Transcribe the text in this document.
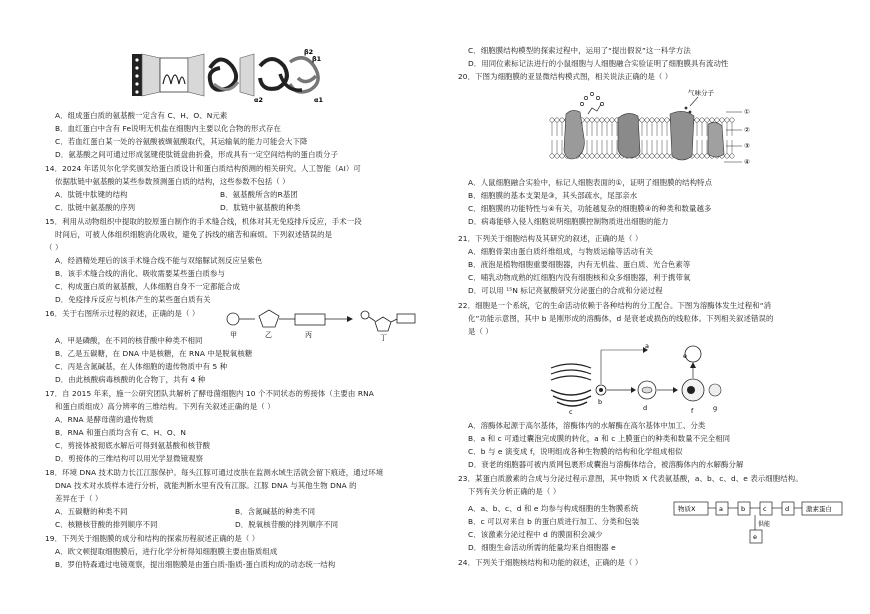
β2
β1
α2	α1
A．组成蛋白质的氨基酸一定含有 C、H、O、N元素
B．血红蛋白中含有 Fe说明无机盐在细胞内主要以化合物的形式存在
C．若血红蛋白某一处的谷氨酸被缬氨酸取代，其运输氧的能力可能会大下降
D．氨基酸之间可通过形成氢键使肽链盘曲折叠，形成具有一定空间结构的蛋白质分子
14．2024 年诺贝尔化学奖颁发给蛋白质设计和蛋白质结构预测的相关研究。人工智能（AI）可
依据肽链中氨基酸的某些参数预测蛋白质的结构，这些参数不包括（ ）
A．肽链中肽键的结构	B．氨基酸所含的R基团
C．肽链中氨基酸的序列	D．肽链中氨基酸的种类
15．利用从动物组织中提取的胶原蛋白制作的手术缝合线，机体对其无免疫排斥反应，手术一段
时间后，可被人体组织细胞消化吸收，避免了拆线的痛苦和麻烦。下列叙述错误的是
（ ）
A．经酒精处理后的该手术缝合线不能与双缩脲试剂反应呈紫色
B．该手术缝合线的消化、吸收需要某些蛋白质参与
C．构成蛋白质的氨基酸，人体细胞自身不一定都能合成
D．免疫排斥反应与机体产生的某些蛋白质有关
16．关于右图所示过程的叙述，正确的是（ ）
甲	乙	丙	丁
A．甲是磷酸，在不同的核苷酸中种类不相同
B．乙是五碳糖，在 DNA 中是核糖，在 RNA 中是脱氧核糖
C．丙是含氮碱基，在人体细胞的遗传物质中有 5 种
D．由此核酸病毒核酸的化合物丁，共有 4 种
17．自 2015 年来，施一公研究团队共解析了酵母菌细胞内 10 个不同状态的剪接体（主要由 RNA
和蛋白质组成）高分辨率的三维结构。下列有关叙述正确的是（ ）
A．RNA 是酵母菌的遗传物质
B．RNA 和蛋白质均含有 C、H、O、N
C．剪接体被彻底水解后可得到氨基酸和核苷酸
D．剪接体的三维结构可以用光学显微镜观察
18．环境 DNA 技术助力长江江豚保护。每头江豚可通过皮肤在监测水域生活就会留下痕迹，通过环境
DNA 技术对水质样本进行分析，就能判断水里有没有江豚。江豚 DNA 与其他生物 DNA 的
差异在于（ ）
A．五碳糖的种类不同	B．含氮碱基的种类不同
C．核糖核苷酸的排列顺序不同	D．脱氧核苷酸的排列顺序不同
19．下列关于细胞膜的成分和结构的探索历程叙述正确的是（ ）
A．欧文顿提取细胞膜后，进行化学分析得知细胞膜主要由脂质组成
B．罗伯特森通过电镜观察，提出细胞膜是由蛋白质-脂质-蛋白质构成的动态统一结构
C．细胞膜结构模型的探索过程中，运用了“提出假说”这一科学方法
D．用同位素标记法进行的小鼠细胞与人细胞融合实验证明了细胞膜具有流动性
20．下图为细胞膜的亚显微结构模式图，相关说法正确的是（ ）
气味分子
①
②
③
④
A．人鼠细胞融合实验中，标记人细胞表面的①，证明了细胞膜的结构特点
B．细胞膜的基本支架是③，其头部疏水，尾部亲水
C．细胞膜的功能特性与④有关，功能越复杂的细胞膜④的种类和数量越多
D．病毒能够入侵人细胞说明细胞膜控制物质进出细胞的能力
21．下列关于细胞结构及其研究的叙述，正确的是（ ）
A．细胞骨架由蛋白质纤维组成，与物质运输等活动有关
B．液泡是植物细胞重要细胞器，内有无机盐、蛋白质、光合色素等
C．哺乳动物成熟的红细胞内没有细胞核和众多细胞器，利于携带氧
D．可以用 ¹⁵N 标记亮氨酸研究分泌蛋白的合成和分泌过程
22．细胞是一个系统，它的生命活动依赖于各种结构的分工配合。下图为溶酶体发生过程和“消
化”功能示意图，其中 b 是刚形成的溶酶体，d 是衰老或损伤的线粒体。下列相关叙述错误的
是（ ）
a
b
c	d
e
f	g
A．溶酶体起源于高尔基体，溶酶体内的水解酶在高尔基体中加工、分类
B．a 和 c 可通过囊泡完成膜的转化，a 和 c 上膜蛋白的种类和数量不完全相同
C．b 与 e 演变成 f，说明组成各种生物膜的结构和化学组成相似
D．衰老的细胞器可被内质网包裹形成囊泡与溶酶体结合，被溶酶体内的水解酶分解
23．某蛋白质激素的合成与分泌过程示意图，其中物质 X 代表氨基酸，a、b、c、d、e 表示细胞结构。
下列有关分析正确的是（ ）
物质X	a	b	c	d	激素蛋白
e
供能
A．a、b、c、d 和 e 均参与构成细胞的生物膜系统
B．c 可以对来自 b 的蛋白质进行加工、分类和包装
C．该激素分泌过程中 d 的膜面积会减少
D．细胞生命活动所需的能量均来自细胞器 e
24．下列关于细胞核结构和功能的叙述，正确的是（ ）
